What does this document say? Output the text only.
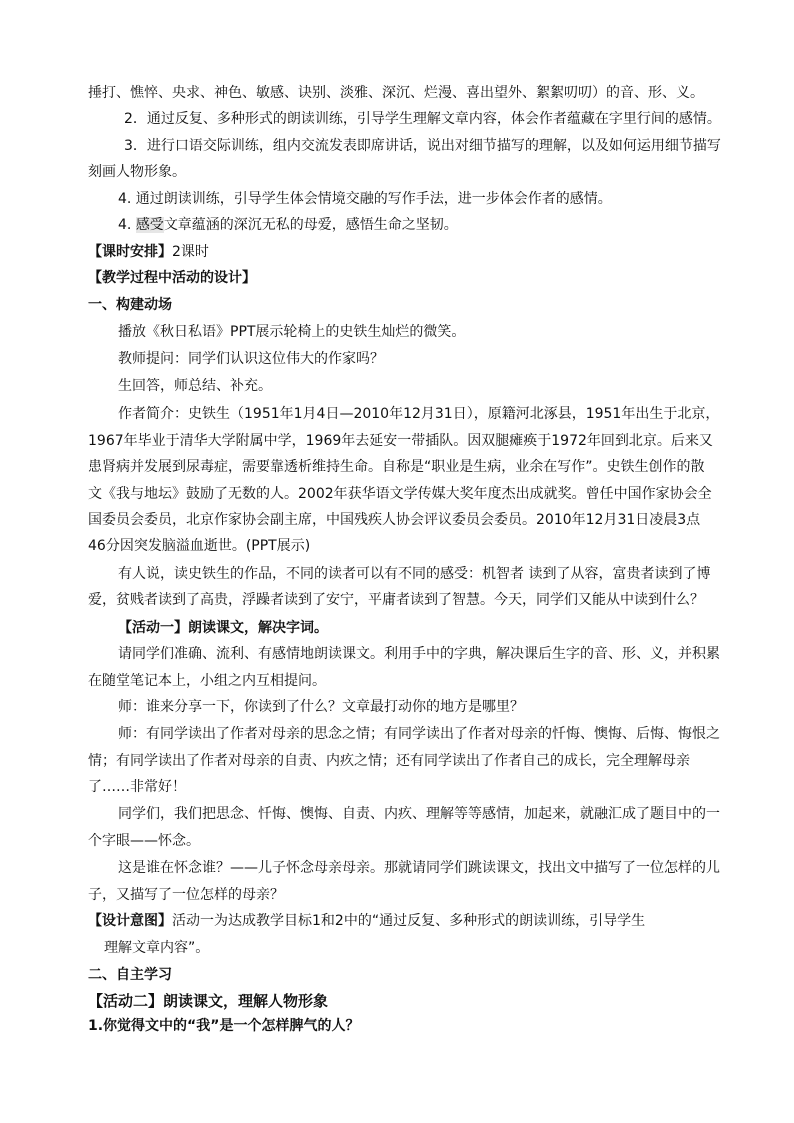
捶打、憔悴、央求、神色、敏感、诀别、淡雅、深沉、烂漫、喜出望外、絮絮叨叨）的音、形、义。
2．通过反复、多种形式的朗读训练，引导学生理解文章内容，体会作者蕴藏在字里行间的感情。
3．进行口语交际训练，组内交流发表即席讲话，说出对细节描写的理解，以及如何运用细节描写
刻画人物形象。
4. 通过朗读训练，引导学生体会情境交融的写作手法，进一步体会作者的感情。
4. 感受文章蕴涵的深沉无私的母爱，感悟生命之坚韧。
【课时安排】2课时
【教学过程中活动的设计】
一、构建动场
播放《秋日私语》PPT展示轮椅上的史铁生灿烂的微笑。
教师提问：同学们认识这位伟大的作家吗？
生回答，师总结、补充。
作者简介：史铁生（1951年1月4日—2010年12月31日），原籍河北涿县，1951年出生于北京，
1967年毕业于清华大学附属中学，1969年去延安一带插队。因双腿瘫痪于1972年回到北京。后来又
患肾病并发展到尿毒症，需要靠透析维持生命。自称是“职业是生病，业余在写作”。史铁生创作的散
文《我与地坛》鼓励了无数的人。2002年获华语文学传媒大奖年度杰出成就奖。曾任中国作家协会全
国委员会委员，北京作家协会副主席，中国残疾人协会评议委员会委员。2010年12月31日凌晨3点
46分因突发脑溢血逝世。(PPT展示)
有人说，读史铁生的作品，不同的读者可以有不同的感受：机智者 读到了从容，富贵者读到了博
爱，贫贱者读到了高贵，浮躁者读到了安宁，平庸者读到了智慧。今天，同学们又能从中读到什么？
【活动一】朗读课文，解决字词。
请同学们准确、流利、有感情地朗读课文。利用手中的字典，解决课后生字的音、形、义，并积累
在随堂笔记本上，小组之内互相提问。
师：谁来分享一下，你读到了什么？文章最打动你的地方是哪里？
师：有同学读出了作者对母亲的思念之情；有同学读出了作者对母亲的忏悔、懊悔、后悔、悔恨之
情；有同学读出了作者对母亲的自责、内疚之情；还有同学读出了作者自己的成长，完全理解母亲
了……非常好！
同学们，我们把思念、忏悔、懊悔、自责、内疚、理解等等感情，加起来，就融汇成了题目中的一
个字眼——怀念。
这是谁在怀念谁？——儿子怀念母亲母亲。那就请同学们跳读课文，找出文中描写了一位怎样的儿
子，又描写了一位怎样的母亲？
【设计意图】活动一为达成教学目标1和2中的“通过反复、多种形式的朗读训练，引导学生
理解文章内容”。
二、自主学习
【活动二】朗读课文，理解人物形象
1.你觉得文中的“我”是一个怎样脾气的人？
